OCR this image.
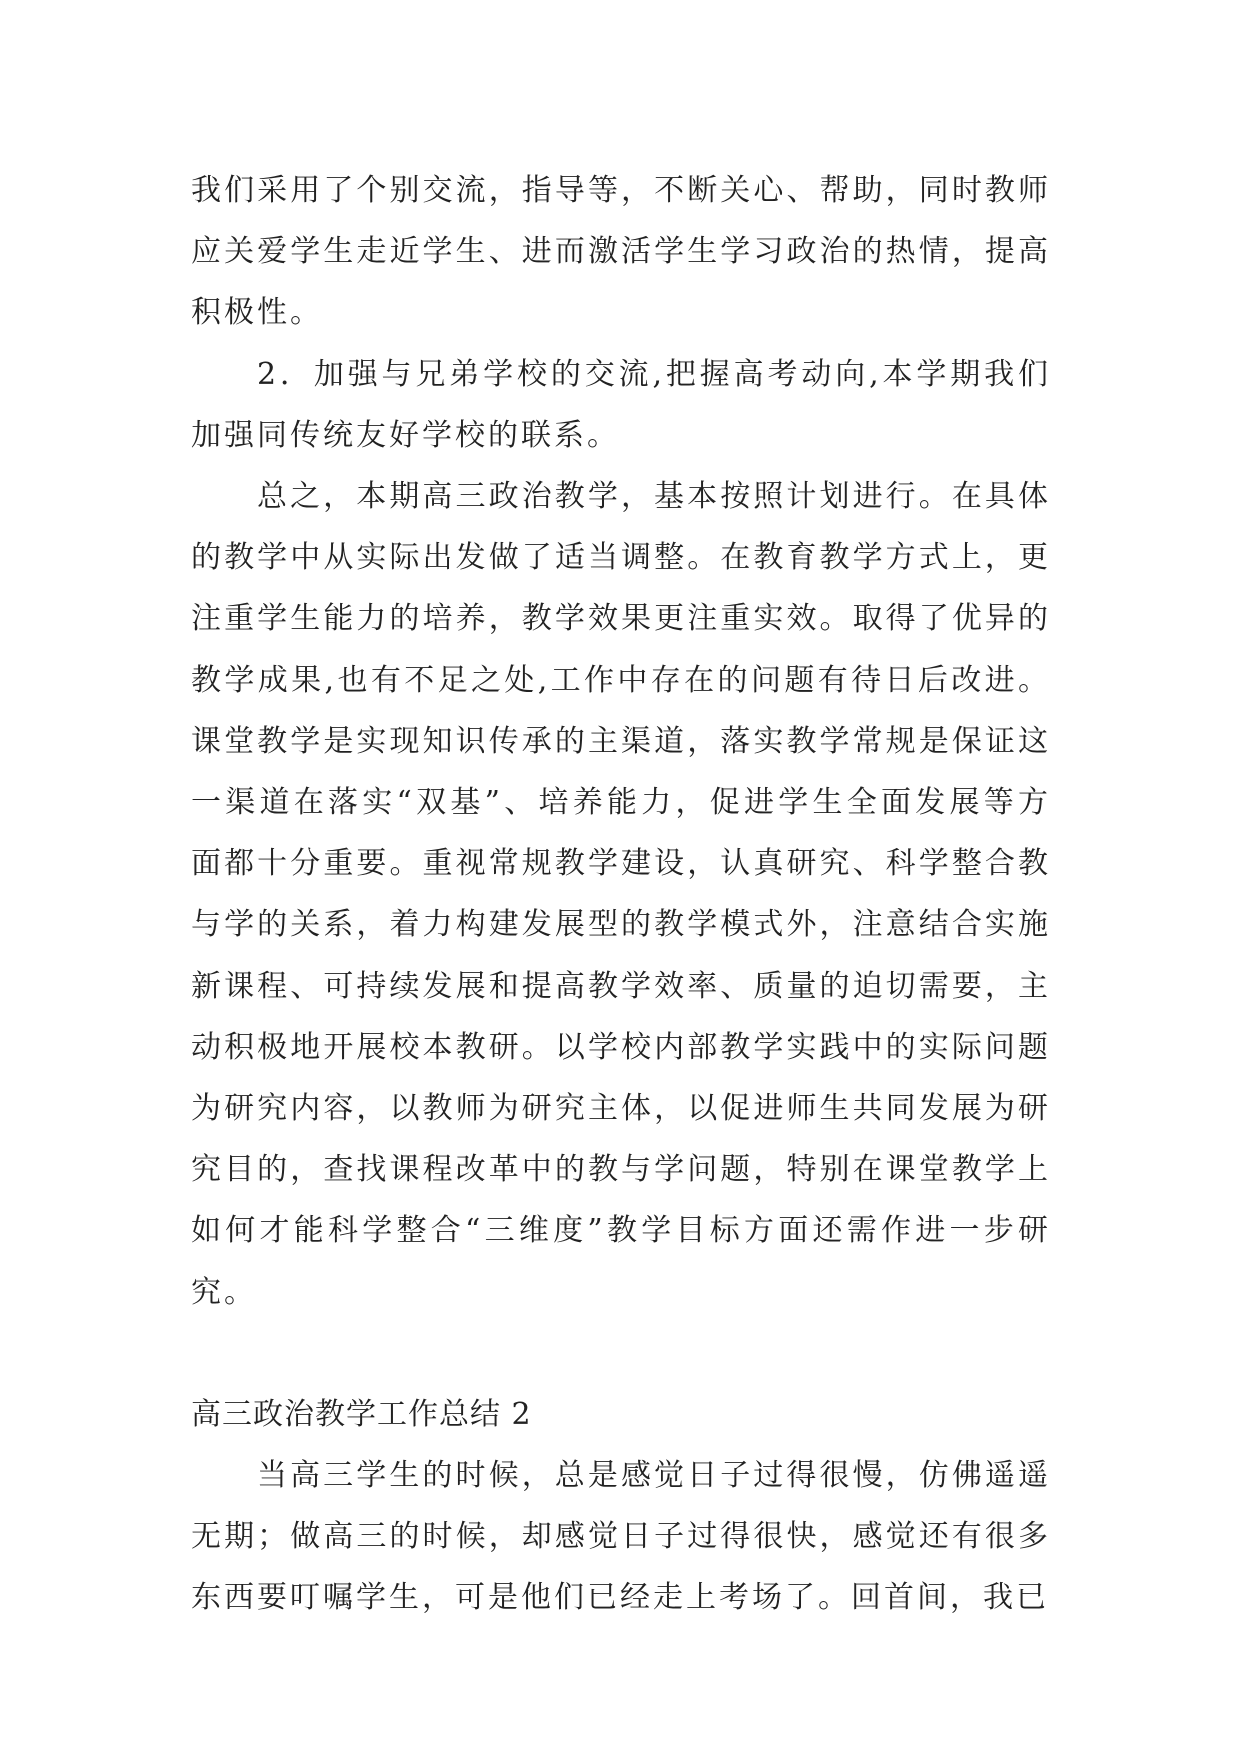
我们采用了个别交流，指导等，不断关心、帮助，同时教师应关爱学生走近学生、进而激活学生学习政治的热情，提高积极性。

2．加强与兄弟学校的交流,把握高考动向,本学期我们加强同传统友好学校的联系。

总之，本期高三政治教学，基本按照计划进行。在具体的教学中从实际出发做了适当调整。在教育教学方式上，更注重学生能力的培养，教学效果更注重实效。取得了优异的教学成果,也有不足之处,工作中存在的问题有待日后改进。课堂教学是实现知识传承的主渠道，落实教学常规是保证这一渠道在落实“双基”、培养能力，促进学生全面发展等方面都十分重要。重视常规教学建设，认真研究、科学整合教与学的关系，着力构建发展型的教学模式外，注意结合实施新课程、可持续发展和提高教学效率、质量的迫切需要，主动积极地开展校本教研。以学校内部教学实践中的实际问题为研究内容，以教师为研究主体，以促进师生共同发展为研究目的，查找课程改革中的教与学问题，特别在课堂教学上如何才能科学整合“三维度”教学目标方面还需作进一步研究。

高三政治教学工作总结 2

当高三学生的时候，总是感觉日子过得很慢，仿佛遥遥无期；做高三的时候，却感觉日子过得很快，感觉还有很多东西要叮嘱学生，可是他们已经走上考场了。回首间，我已
